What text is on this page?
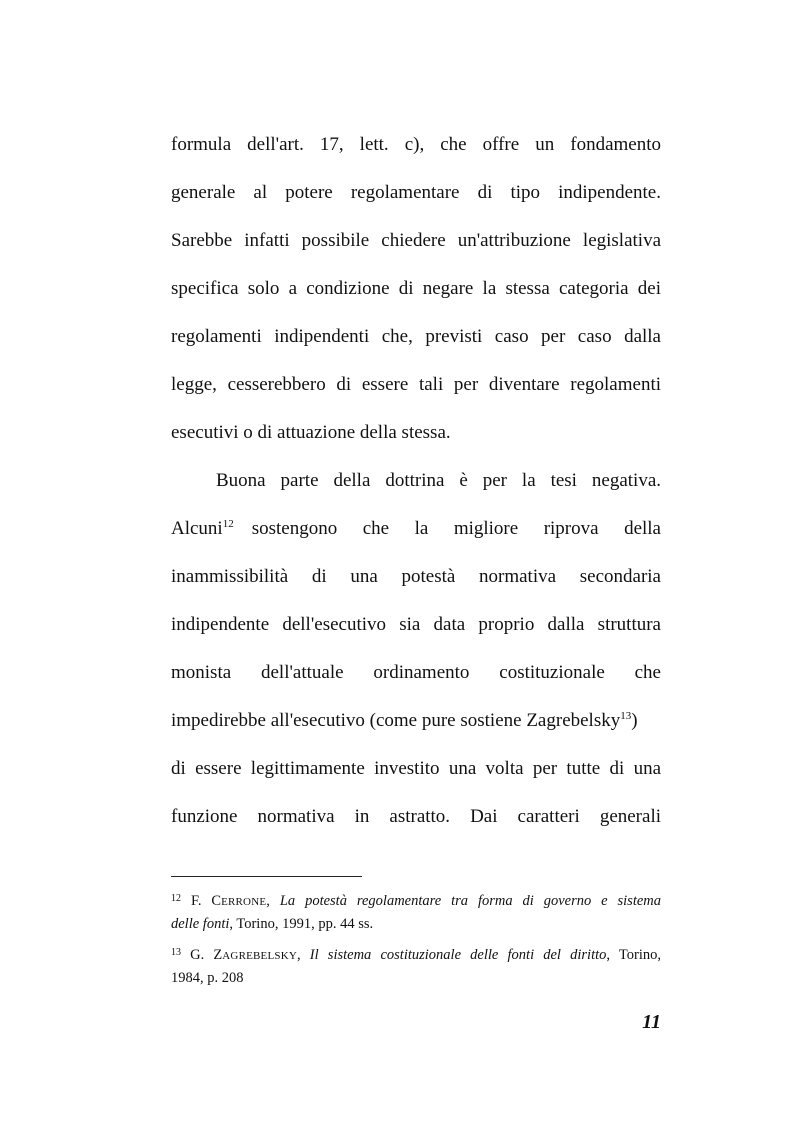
formula dell'art. 17, lett. c), che offre un fondamento
generale al potere regolamentare di tipo indipendente.
Sarebbe infatti possibile chiedere un'attribuzione legislativa
specifica solo a condizione di negare la stessa categoria dei
regolamenti indipendenti che, previsti caso per caso dalla
legge, cesserebbero di essere tali per diventare regolamenti
esecutivi o di attuazione della stessa.
Buona parte della dottrina è per la tesi negativa.
Alcuni$^{12}$ sostengono che la migliore riprova della
inammissibilità di una potestà normativa secondaria
indipendente dell'esecutivo sia data proprio dalla struttura
monista dell'attuale ordinamento costituzionale che
impedirebbe all'esecutivo (come pure sostiene Zagrebelsky$^{13}$)
di essere legittimamente investito una volta per tutte di una
funzione normativa in astratto. Dai caratteri generali
$^{12}$ F. CERRONE, La potestà regolamentare tra forma di governo e sistema
delle fonti, Torino, 1991, pp. 44 ss.
$^{13}$ G. ZAGREBELSKY, Il sistema costituzionale delle fonti del diritto, Torino,
1984, p. 208
11
